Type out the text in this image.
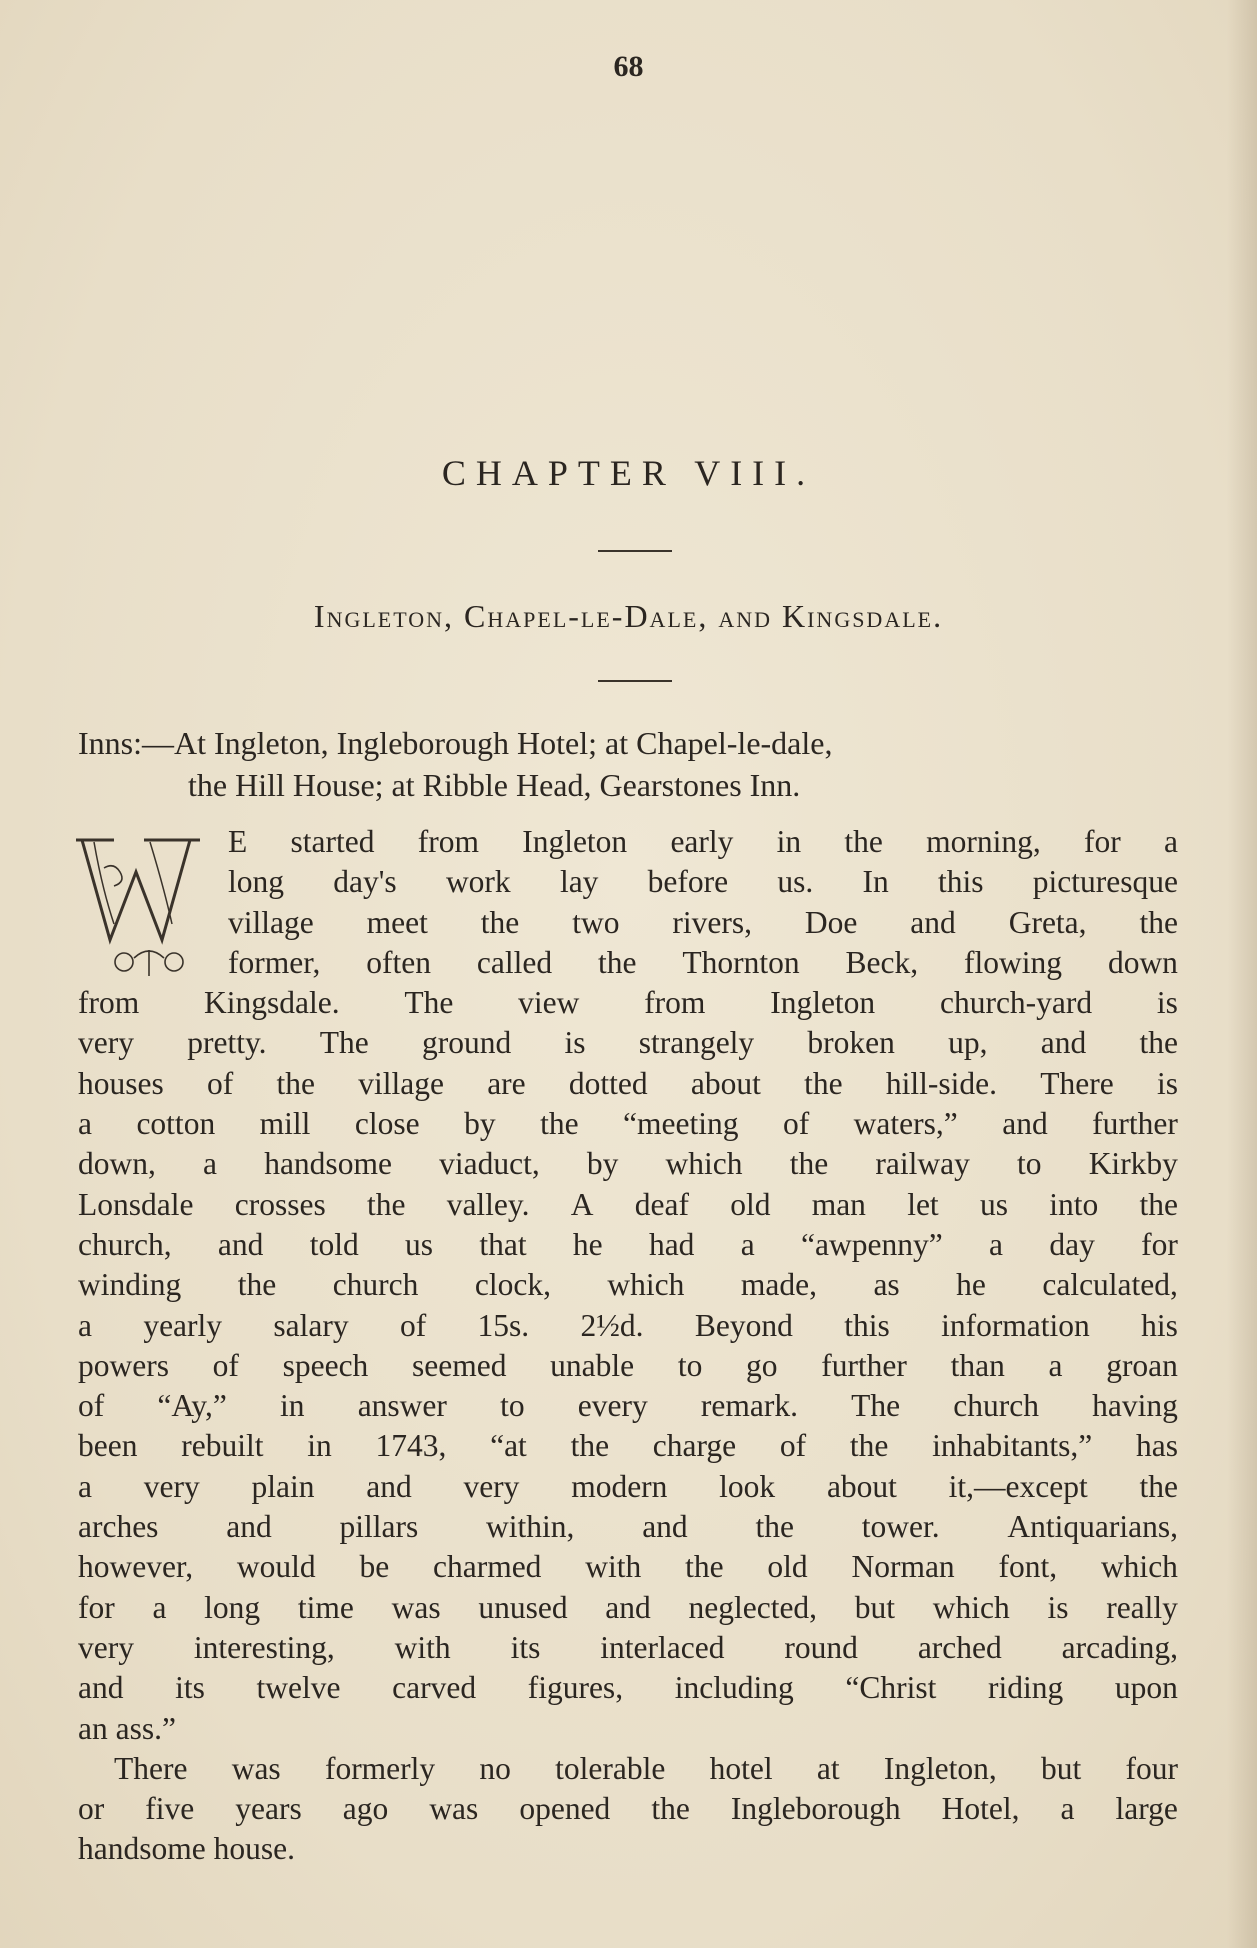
68
CHAPTER VIII.
Ingleton, Chapel-le-Dale, and Kingsdale.
Inns:—At Ingleton, Ingleborough Hotel; at Chapel-le-dale,
the Hill House; at Ribble Head, Gearstones Inn.
E started from Ingleton early in the morning, for a
long day's work lay before us. In this picturesque
village meet the two rivers, Doe and Greta, the
former, often called the Thornton Beck, flowing down
from Kingsdale. The view from Ingleton church-yard is
very pretty. The ground is strangely broken up, and the
houses of the village are dotted about the hill-side. There is
a cotton mill close by the “meeting of waters,” and further
down, a handsome viaduct, by which the railway to Kirkby
Lonsdale crosses the valley. A deaf old man let us into the
church, and told us that he had a “awpenny” a day for
winding the church clock, which made, as he calculated,
a yearly salary of 15s. 2½d. Beyond this information his
powers of speech seemed unable to go further than a groan
of “Ay,” in answer to every remark. The church having
been rebuilt in 1743, “at the charge of the inhabitants,” has
a very plain and very modern look about it,—except the
arches and pillars within, and the tower. Antiquarians,
however, would be charmed with the old Norman font, which
for a long time was unused and neglected, but which is really
very interesting, with its interlaced round arched arcading,
and its twelve carved figures, including “Christ riding upon
an ass.”
There was formerly no tolerable hotel at Ingleton, but four
or five years ago was opened the Ingleborough Hotel, a large
handsome house.
